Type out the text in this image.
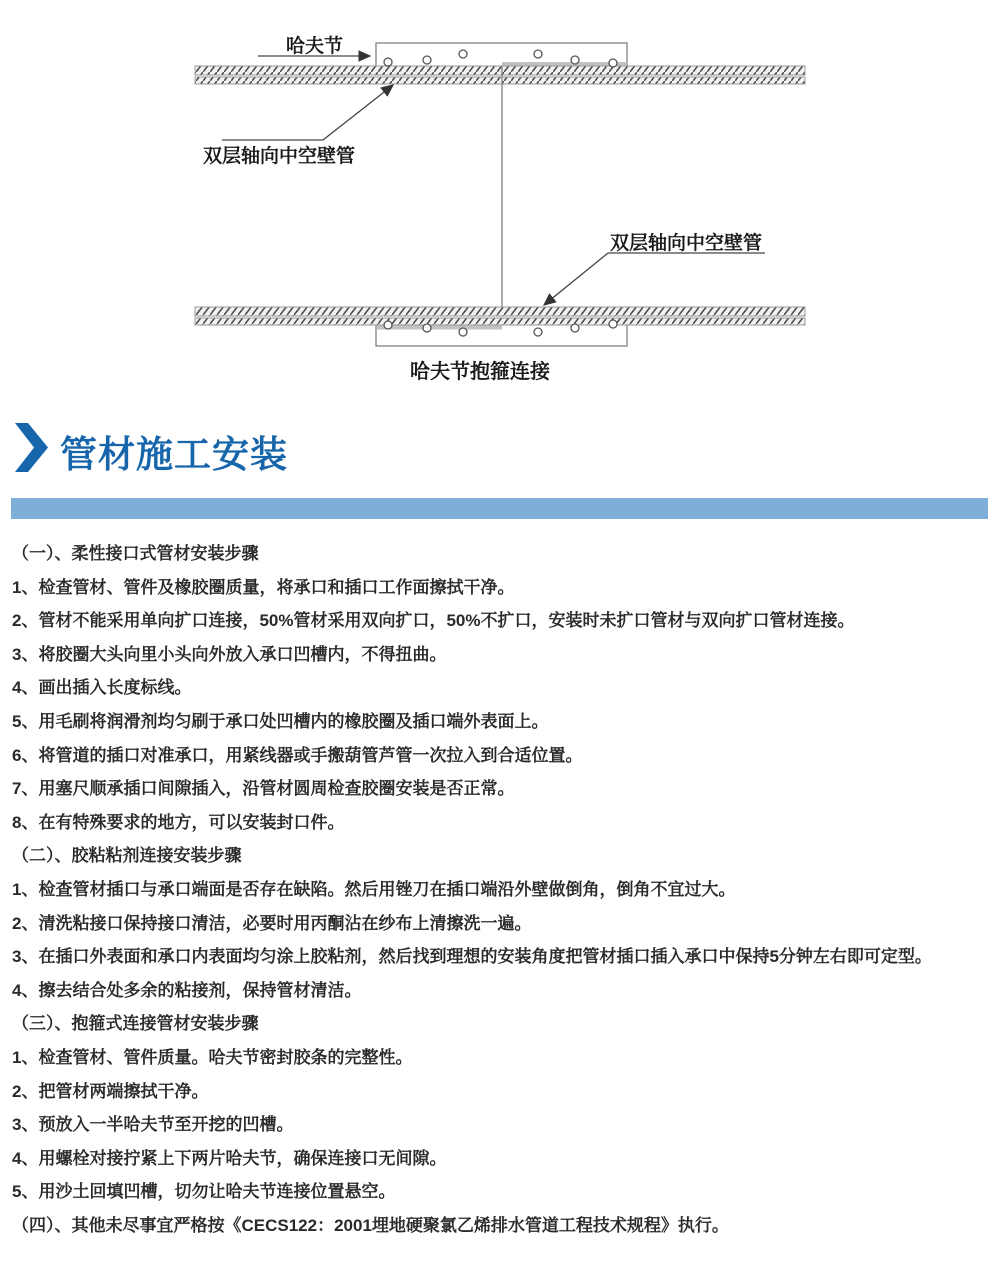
哈夫节
双层轴向中空壁管
双层轴向中空壁管
哈夫节抱箍连接
管材施工安装
（一）、柔性接口式管材安装步骤
1、检查管材、管件及橡胶圈质量，将承口和插口工作面擦拭干净。
2、管材不能采用单向扩口连接，50%管材采用双向扩口，50%不扩口，安装时未扩口管材与双向扩口管材连接。
3、将胶圈大头向里小头向外放入承口凹槽内，不得扭曲。
4、画出插入长度标线。
5、用毛刷将润滑剂均匀刷于承口处凹槽内的橡胶圈及插口端外表面上。
6、将管道的插口对准承口，用紧线器或手搬葫管芦管一次拉入到合适位置。
7、用塞尺顺承插口间隙插入，沿管材圆周检查胶圈安装是否正常。
8、在有特殊要求的地方，可以安装封口件。
（二）、胶粘粘剂连接安装步骤
1、检查管材插口与承口端面是否存在缺陷。然后用锉刀在插口端沿外壁做倒角，倒角不宜过大。
2、清洗粘接口保持接口清洁，必要时用丙酮沾在纱布上清擦洗一遍。
3、在插口外表面和承口内表面均匀涂上胶粘剂，然后找到理想的安装角度把管材插口插入承口中保持5分钟左右即可定型。
4、擦去结合处多余的粘接剂，保持管材清洁。
（三）、抱箍式连接管材安装步骤
1、检查管材、管件质量。哈夫节密封胶条的完整性。
2、把管材两端擦拭干净。
3、预放入一半哈夫节至开挖的凹槽。
4、用螺栓对接拧紧上下两片哈夫节，确保连接口无间隙。
5、用沙土回填凹槽，切勿让哈夫节连接位置悬空。
（四）、其他未尽事宜严格按《CECS122：2001埋地硬聚氯乙烯排水管道工程技术规程》执行。
